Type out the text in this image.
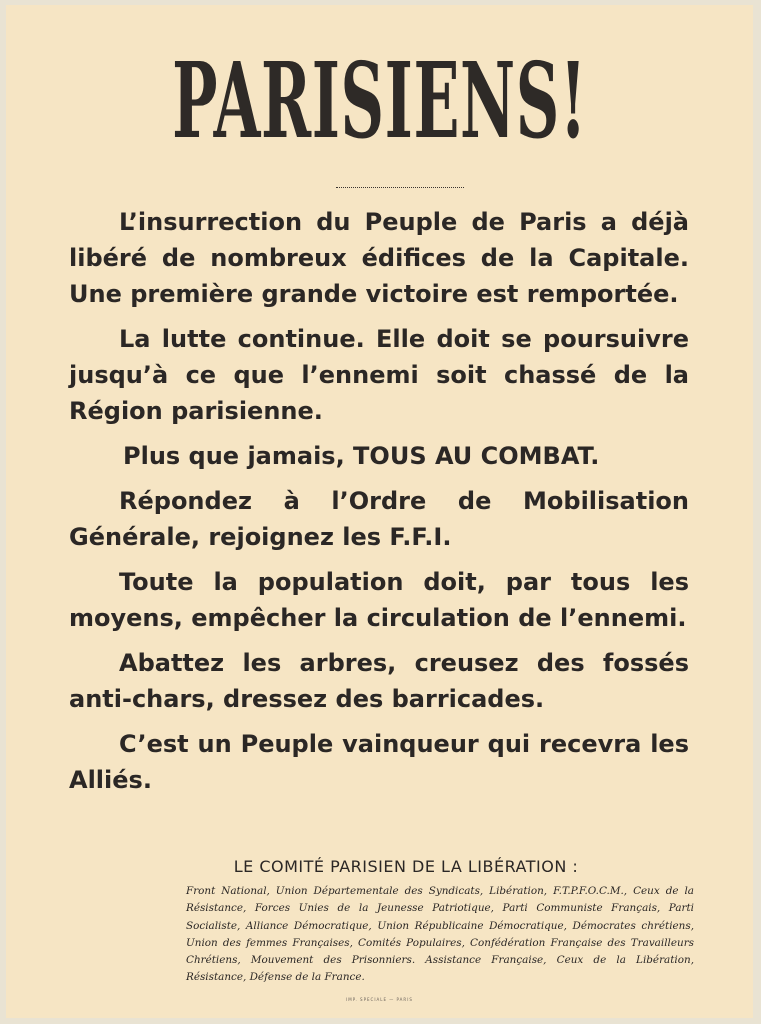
PARISIENS!

L’insurrection du Peuple de Paris a déjà libéré de nombreux édifices de la Capitale. Une première grande victoire est remportée.

La lutte continue. Elle doit se poursuivre jusqu’à ce que l’ennemi soit chassé de la Région parisienne.

Plus que jamais, TOUS AU COMBAT.

Répondez à l’Ordre de Mobilisation Générale, rejoignez les F.F.I.

Toute la population doit, par tous les moyens, empêcher la circulation de l’ennemi.

Abattez les arbres, creusez des fossés anti-chars, dressez des barricades.

C’est un Peuple vainqueur qui recevra les Alliés.

LE COMITÉ PARISIEN DE LA LIBÉRATION :
Front National, Union Départementale des Syndicats, Libération, F.T.P.F.O.C.M., Ceux de la Résistance, Forces Unies de la Jeunesse Patriotique, Parti Communiste Français, Parti Socialiste, Alliance Démocratique, Union Républicaine Démocratique, Démocrates chrétiens, Union des femmes Françaises, Comités Populaires, Confédération Française des Travailleurs Chrétiens, Mouvement des Prisonniers. Assistance Française, Ceux de la Libération, Résistance, Défense de la France.
IMP. SPECIALE — PARIS
